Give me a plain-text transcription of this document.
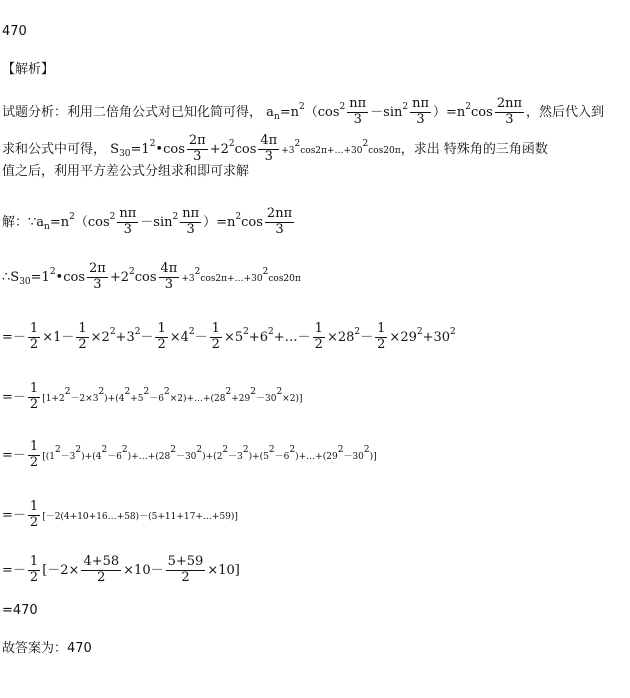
470
【解析】
试题分析：利用二倍角公式对已知化简可得， $a_n=n^2(\cos^2 \frac{n\pi}{3} -\sin^2 \frac{n\pi}{3} )=n^2\cos \frac{2n\pi}{3}$ ，然后代入到
求和公式中可得， $S_{30}=1^2•\cos \frac{2\pi}{3} +2^2\cos \frac{4\pi}{3}$ $+3^2\cos 2\pi+\dots+30^2\cos 20\pi$，求出 特殊角的三角函数
值之后，利用平方差公式分组求和即可求解
解：$\because a_n=n^2(\cos^2 \frac{n\pi}{3} -\sin^2 \frac{n\pi}{3} )=n^2\cos \frac{2n\pi}{3}$
$\therefore S_{30}=1^2•\cos \frac{2\pi}{3} +2^2\cos \frac{4\pi}{3}$ $+3^2\cos 2\pi+\dots+30^2\cos 20\pi$
=－ $\frac{1}{2} \times 1- \frac{1}{2} \times 2^2+3^2- \frac{1}{2} \times 4^2- \frac{1}{2}$ $\times 5^2+6^2+\dots- \frac{1}{2} \times 28^2- \frac{1}{2} \times 29^2+30^2$
=－ $\frac{1}{2}$ $[1+2^2-2\times 3^2)+(4^2+5^2-6^2\times 2)+\dots+(28^2+29^2-30^2\times 2)$]
=－ $\frac{1}{2}$ $[(1^2-3^2)+(4^2-6^2)+\dots+(28^2-30^2)+(2^2-3^2)+(5^2-6^2)+\dots+(29^2-30^2)]$
=－ $\frac{1}{2}$ [－2(4+10+16…+58)－(5+11+17+…+59)]
=－ $\frac{1}{2} [-2\times \frac{4+58}{2} \times 10- \frac{5+59}{2} \times 10]$
=470
故答案为：470
